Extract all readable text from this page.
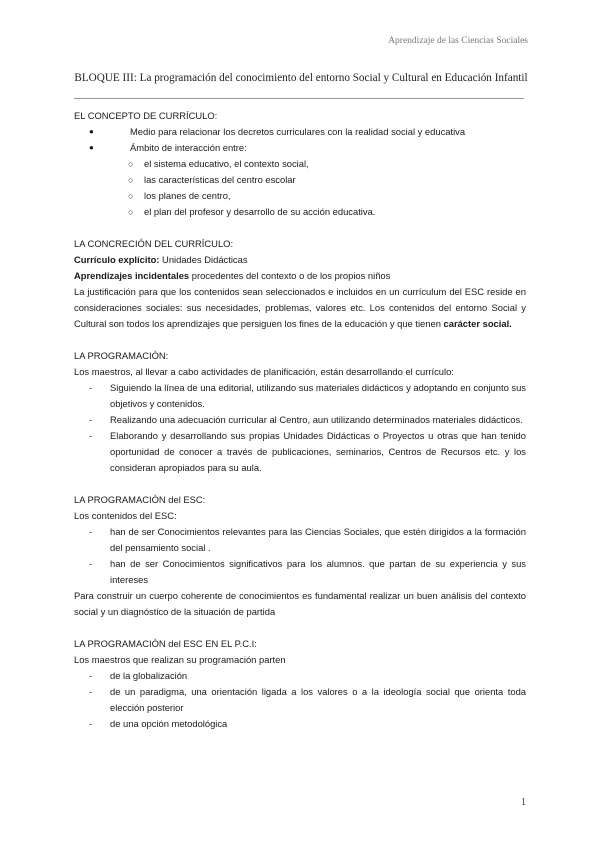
Aprendizaje de las Ciencias Sociales
BLOQUE III: La programación del conocimiento del entorno Social y Cultural en Educación Infantil

EL CONCEPTO DE CURRÍCULO:

● Medio para relacionar los decretos curriculares con la realidad social y educativa
● Ámbito de interacción entre:
○ el sistema educativo, el contexto social,
○ las características del centro escolar
○ los planes de centro,
○ el plan del profesor y desarrollo de su acción educativa.

LA CONCRECIÓN DEL CURRÍCULO:

Currículo explícito: Unidades Didácticas

Aprendizajes incidentales procedentes del contexto o de los propios niños

La justificación para que los contenidos sean seleccionados e incluidos en un currículum del ESC reside en consideraciones sociales: sus necesidades, problemas, valores etc. Los contenidos del entorno Social y Cultural son todos los aprendizajes que persiguen los fines de la educación y que tienen carácter social.

LA PROGRAMACIÓN:

Los maestros, al llevar a cabo actividades de planificación, están desarrollando el currículo:

- Siguiendo la línea de una editorial, utilizando sus materiales didácticos y adoptando en conjunto sus objetivos y contenidos.
- Realizando una adecuación curricular al Centro, aun utilizando determinados materiales didácticos.
- Elaborando y desarrollando sus propias Unidades Didácticas o Proyectos u otras que han tenido oportunidad de conocer a través de publicaciones, seminarios, Centros de Recursos etc. y los consideran apropiados para su aula.

LA PROGRAMACIÓN del ESC:

Los contenidos del ESC:

- han de ser Conocimientos relevantes para las Ciencias Sociales, que estén dirigidos a la formación del pensamiento social .
- han de ser Conocimientos significativos para los alumnos. que partan de su experiencia y sus intereses

Para construir un cuerpo coherente de conocimientos es fundamental realizar un buen análisis del contexto social y un diagnóstico de la situación de partida

LA PROGRAMACIÓN del ESC EN EL P.C.I:

Los maestros que realizan su programación parten

- de la globalización
- de un paradigma, una orientación ligada a los valores o a la ideología social que orienta toda elección posterior
- de una opción metodológica
1
